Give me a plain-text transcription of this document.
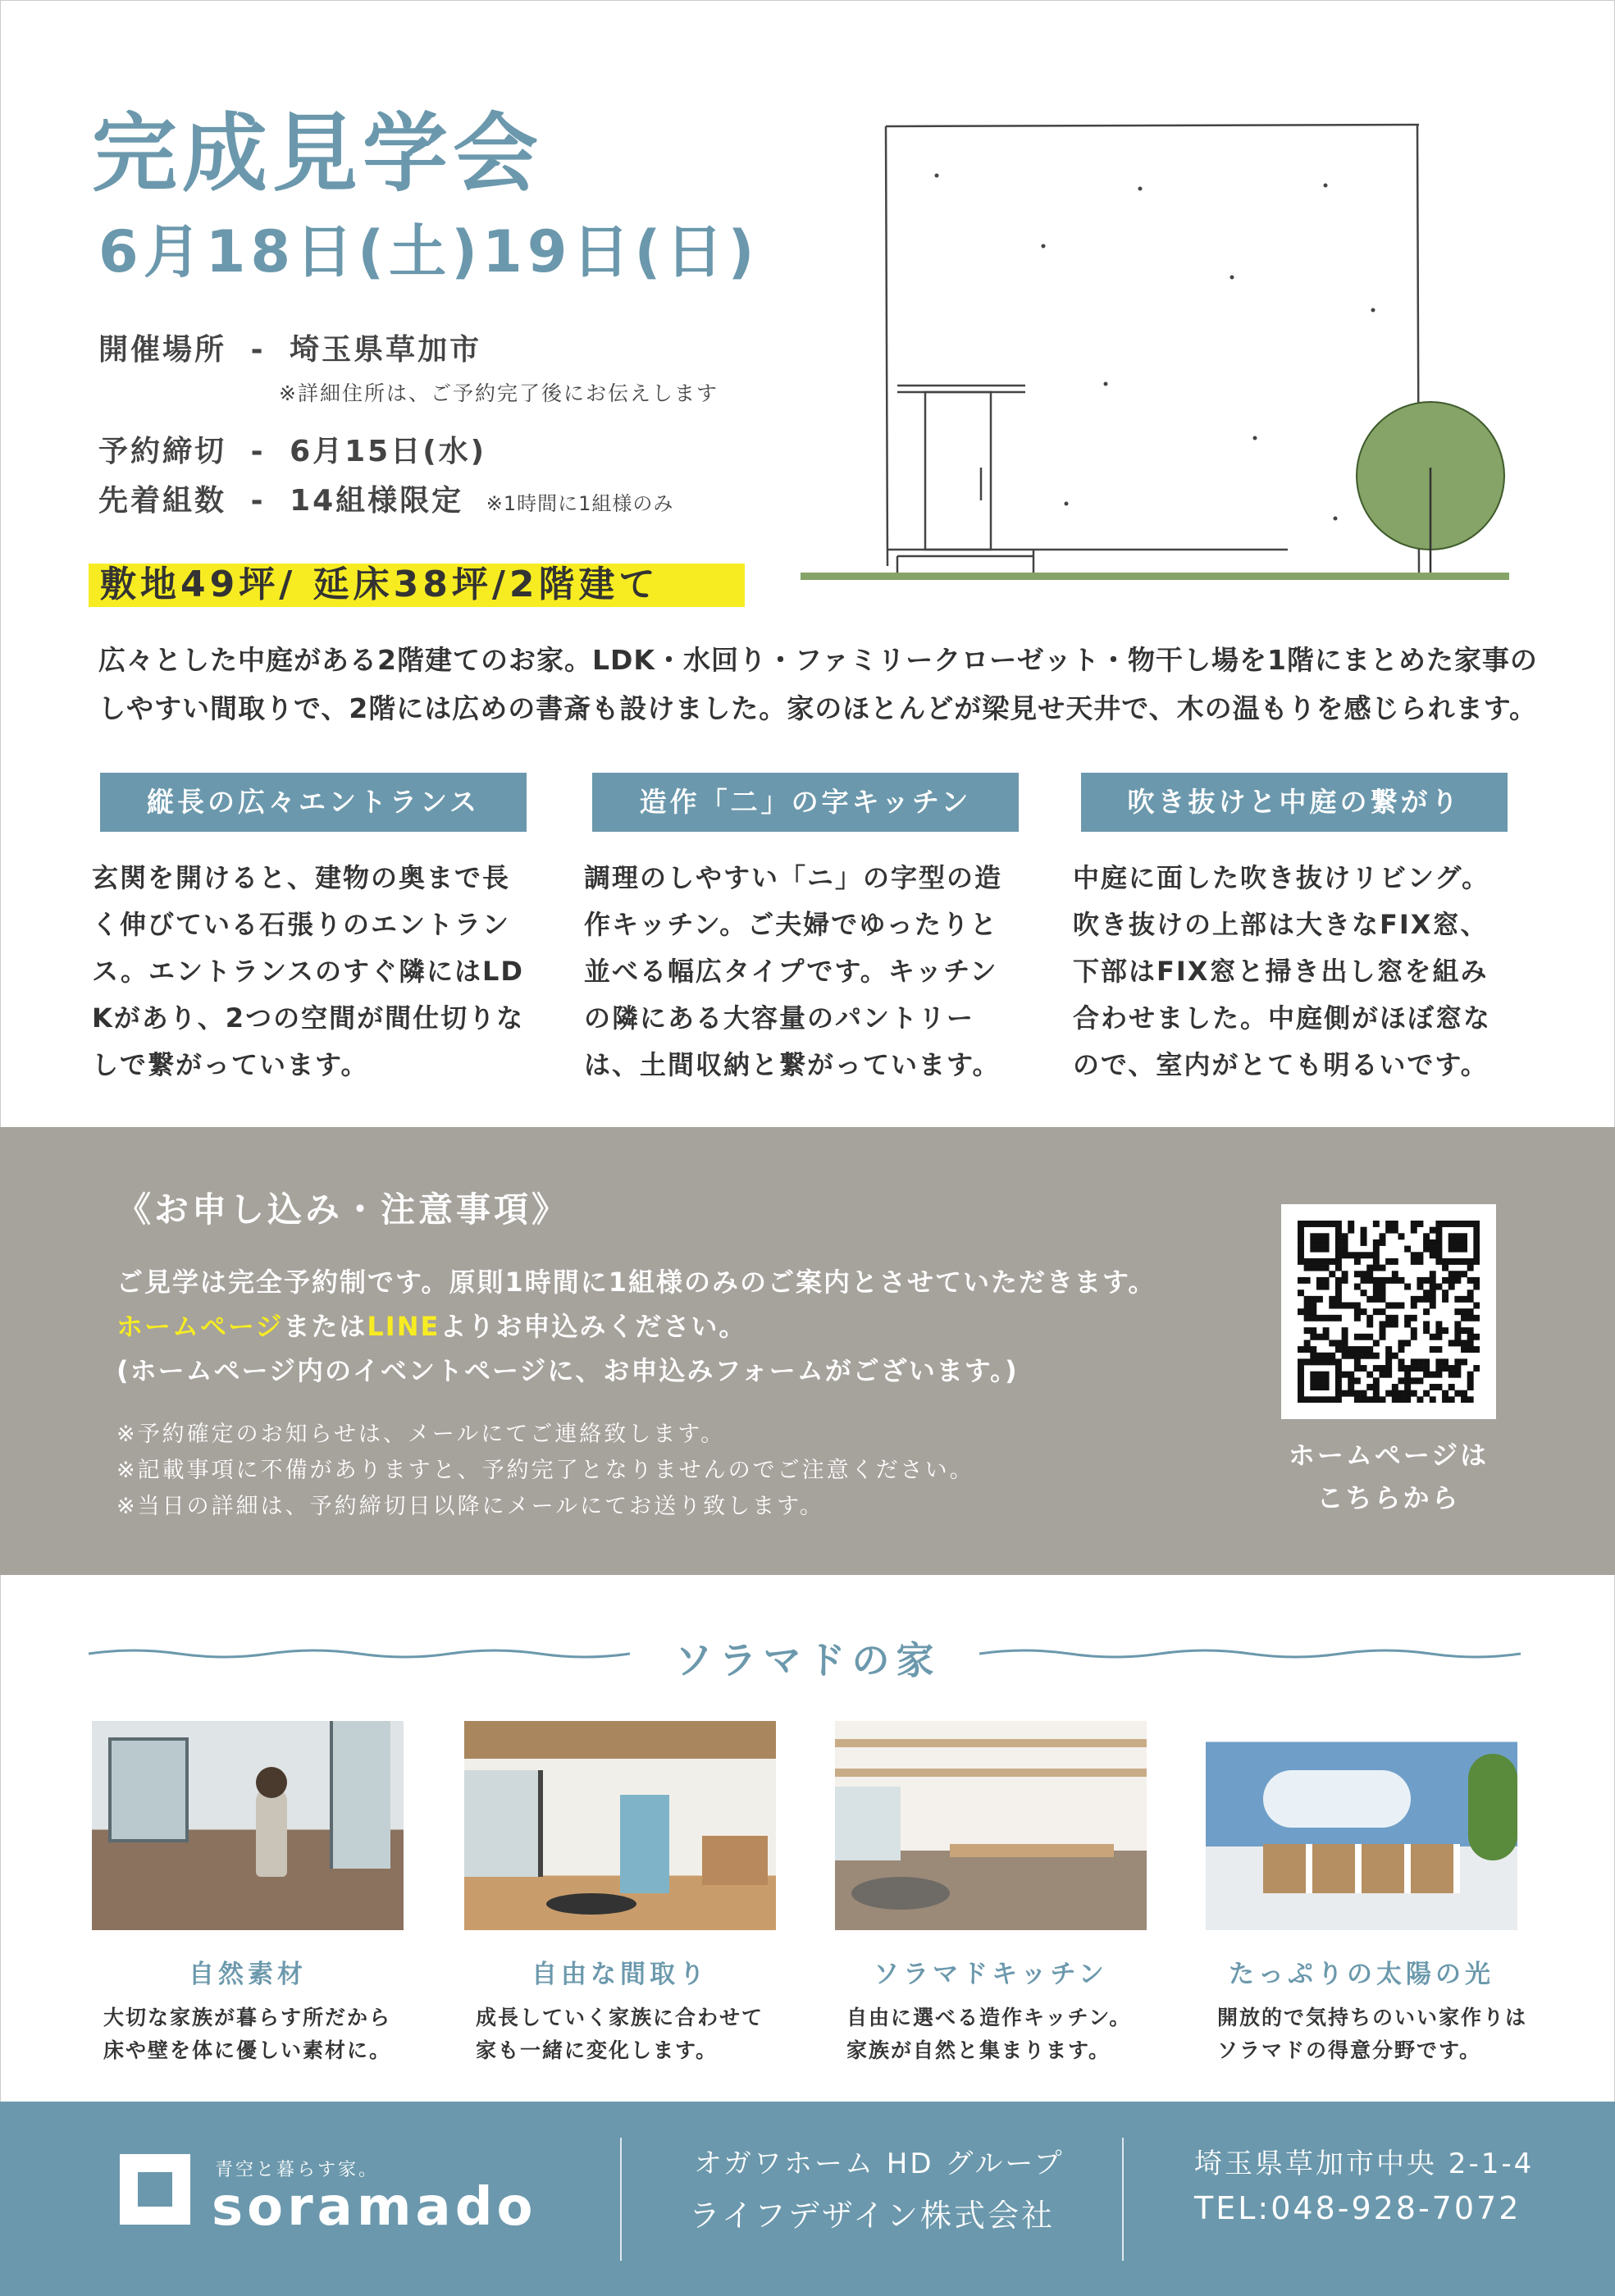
完成見学会
6月18日(土)19日(日)
開催場所 - 埼玉県草加市
※詳細住所は、ご予約完了後にお伝えします
予約締切 - 6月15日(水)
先着組数 - 14組様限定 ※1時間に1組様のみ
敷地49坪/ 延床38坪/2階建て

広々とした中庭がある2階建てのお家。LDK・水回り・ファミリークローゼット・物干し場を1階にまとめた家事の

しやすい間取りで、2階には広めの書斎も設けました。家のほとんどが梁見せ天井で、木の温もりを感じられます。

縦長の広々エントランス

玄関を開けると、建物の奥まで長

く伸びている石張りのエントラン

ス。エントランスのすぐ隣にはLD

Kがあり、2つの空間が間仕切りな

しで繋がっています。

造作「二」の字キッチン

調理のしやすい「ニ」の字型の造

作キッチン。ご夫婦でゆったりと

並べる幅広タイプです。キッチン

の隣にある大容量のパントリー

は、土間収納と繋がっています。

吹き抜けと中庭の繋がり

中庭に面した吹き抜けリビング。

吹き抜けの上部は大きなFIX窓、

下部はFIX窓と掃き出し窓を組み

合わせました。中庭側がほぼ窓な

ので、室内がとても明るいです。

《お申し込み・注意事項》
ご見学は完全予約制です。原則1時間に1組様のみのご案内とさせていただきます。
ホームページまたはLINEよりお申込みください。
(ホームページ内のイベントページに、お申込みフォームがございます。)
※予約確定のお知らせは、メールにてご連絡致します。
※記載事項に不備がありますと、予約完了となりませんのでご注意ください。
※当日の詳細は、予約締切日以降にメールにてお送り致します。
ホームページは
こちらから
ソラマドの家
自然素材

大切な家族が暮らす所だから

床や壁を体に優しい素材に。

自由な間取り

成長していく家族に合わせて

家も一緒に変化します。

ソラマドキッチン

自由に選べる造作キッチン。

家族が自然と集まります。

たっぷりの太陽の光

開放的で気持ちのいい家作りは

ソラマドの得意分野です。

青空と暮らす家。
soramado
オガワホーム HD グループ
ライフデザイン株式会社
埼玉県草加市中央 2-1-4
TEL:048-928-7072
